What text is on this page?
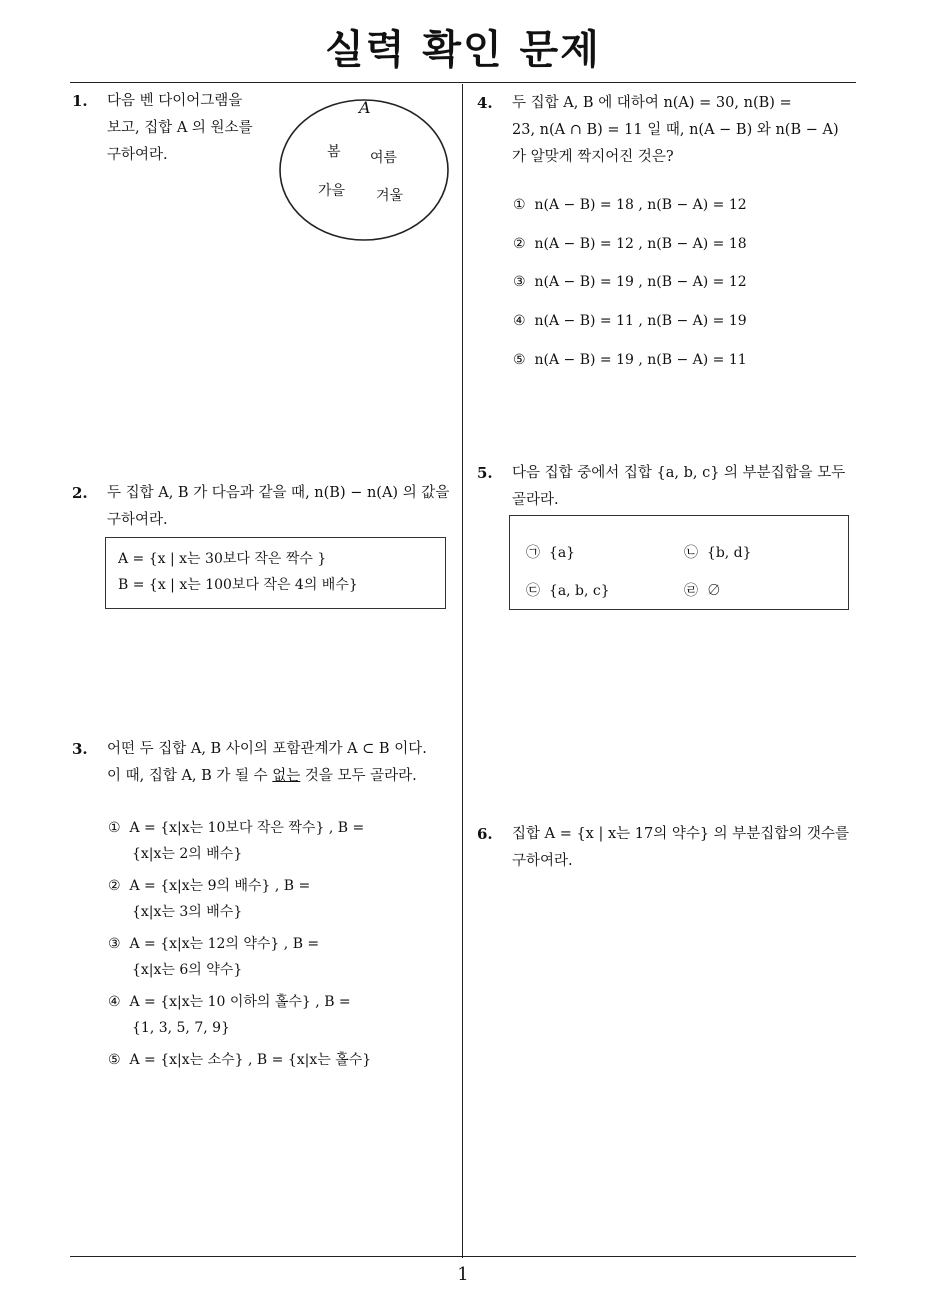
실력 확인 문제
1
1.	다음 벤 다이어그램을
보고, 집합 A 의 원소를
구하여라.
A
봄 여름
가을 겨울
2.	두 집합 A, B 가 다음과 같을 때, n(B) − n(A) 의 값을
구하여라.
A = {x | x는 30보다 작은 짝수 }
B = {x | x는 100보다 작은 4의 배수}
3.	어떤 두 집합 A, B 사이의 포함관계가 A ⊂ B 이다.
이 때, 집합 A, B 가 될 수 없는 것을 모두 골라라.
① A = {x|x는 10보다 작은 짝수} , B =
{x|x는 2의 배수}
② A = {x|x는 9의 배수} , B =
{x|x는 3의 배수}
③ A = {x|x는 12의 약수} , B =
{x|x는 6의 약수}
④ A = {x|x는 10 이하의 홀수} , B =
{1, 3, 5, 7, 9}
⑤ A = {x|x는 소수} , B = {x|x는 홀수}
4.	두 집합 A, B 에 대하여 n(A) = 30, n(B) =
23, n(A ∩ B) = 11 일 때, n(A − B) 와 n(B − A)
가 알맞게 짝지어진 것은?
① n(A − B) = 18 , n(B − A) = 12
② n(A − B) = 12 , n(B − A) = 18
③ n(A − B) = 19 , n(B − A) = 12
④ n(A − B) = 11 , n(B − A) = 19
⑤ n(A − B) = 19 , n(B − A) = 11
5.	다음 집합 중에서 집합 {a, b, c} 의 부분집합을 모두
골라라.
㉠ {a}	㉡ {b, d}
㉢ {a, b, c}	㉣ ∅
6.	집합 A = {x | x는 17의 약수} 의 부분집합의 갯수를
구하여라.
